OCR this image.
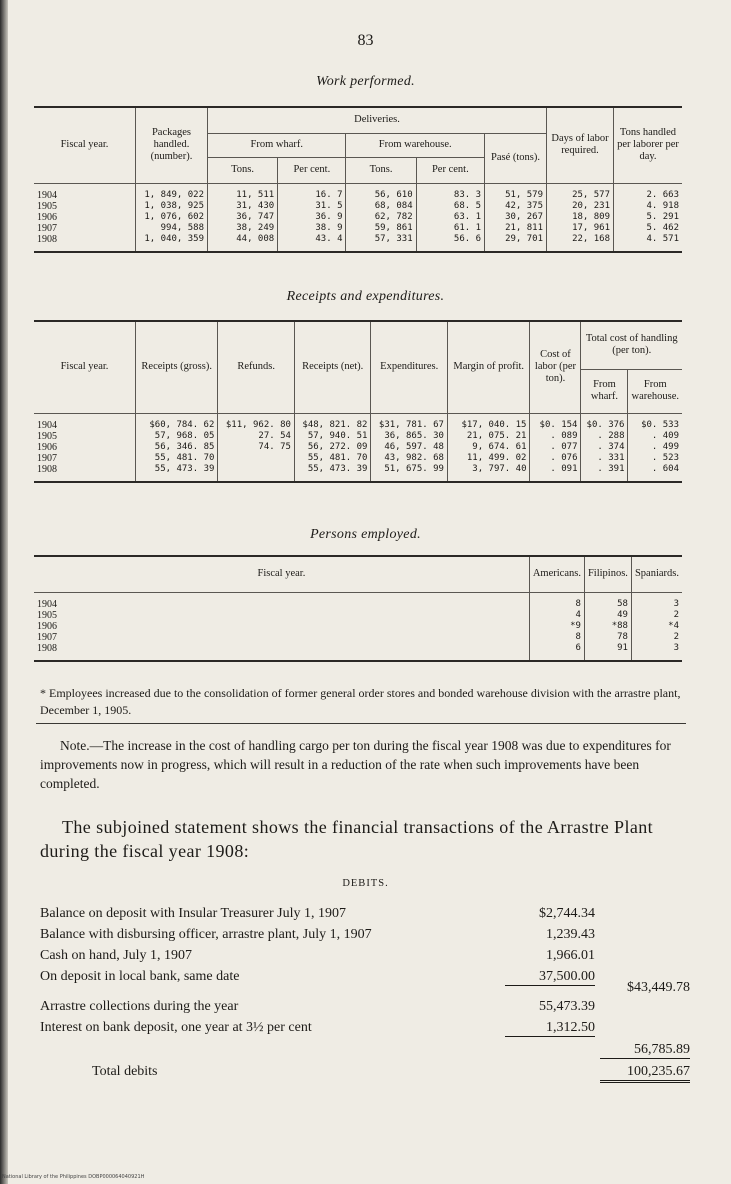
83
Work performed.
Fiscal year.	Packages handled. (number).	Deliveries.					Days of labor required.	Tons handled per laborer per day.
		From wharf.		From warehouse.		Pasé (tons).		
		Tons.	Per cent.	Tons.	Per cent.			
1904	1, 849, 022	11, 511	16. 7	56, 610	83. 3	51, 579	25, 577	2. 663
1905	1, 038, 925	31, 430	31. 5	68, 084	68. 5	42, 375	20, 231	4. 918
1906	1, 076, 602	36, 747	36. 9	62, 782	63. 1	30, 267	18, 809	5. 291
1907	994, 588	38, 249	38. 9	59, 861	61. 1	21, 811	17, 961	5. 462
1908	1, 040, 359	44, 008	43. 4	57, 331	56. 6	29, 701	22, 168	4. 571
Receipts and expenditures.
Fiscal year.	Receipts (gross).	Refunds.	Receipts (net).	Expenditures.	Margin of profit.	Cost of labor (per ton).	Total cost of handling (per ton).	
							From wharf.	From warehouse.
1904	$60, 784. 62	$11, 962. 80	$48, 821. 82	$31, 781. 67	$17, 040. 15	$0. 154	$0. 376	$0. 533
1905	57, 968. 05	27. 54	57, 940. 51	36, 865. 30	21, 075. 21	. 089	. 288	. 409
1906	56, 346. 85	74. 75	56, 272. 09	46, 597. 48	9, 674. 61	. 077	. 374	. 499
1907	55, 481. 70		55, 481. 70	43, 982. 68	11, 499. 02	. 076	. 331	. 523
1908	55, 473. 39		55, 473. 39	51, 675. 99	3, 797. 40	. 091	. 391	. 604
Persons employed.
Fiscal year.	Americans.	Filipinos.	Spaniards.
1904	8	58	3
1905	4	49	2
1906	*9	*88	*4
1907	8	78	2
1908	6	91	3
* Employees increased due to the consolidation of former general order stores and bonded warehouse division with the arrastre plant, December 1, 1905.
Note.—The increase in the cost of handling cargo per ton during the fiscal year 1908 was due to expenditures for improvements now in progress, which will result in a reduction of the rate when such improvements have been completed.
The subjoined statement shows the financial transactions of the Arrastre Plant during the fiscal year 1908:
DEBITS.
Balance on deposit with Insular Treasurer July 1, 1907	$2,744.34
Balance with disbursing officer, arrastre plant, July 1, 1907	1,239.43
Cash on hand, July 1, 1907	1,966.01
On deposit in local bank, same date	37,500.00
$43,449.78
Arrastre collections during the year	55,473.39
Interest on bank deposit, one year at 3½ per cent	1,312.50
56,785.89
Total debits	100,235.67
National Library of the Philippines DOBP000064040921H
